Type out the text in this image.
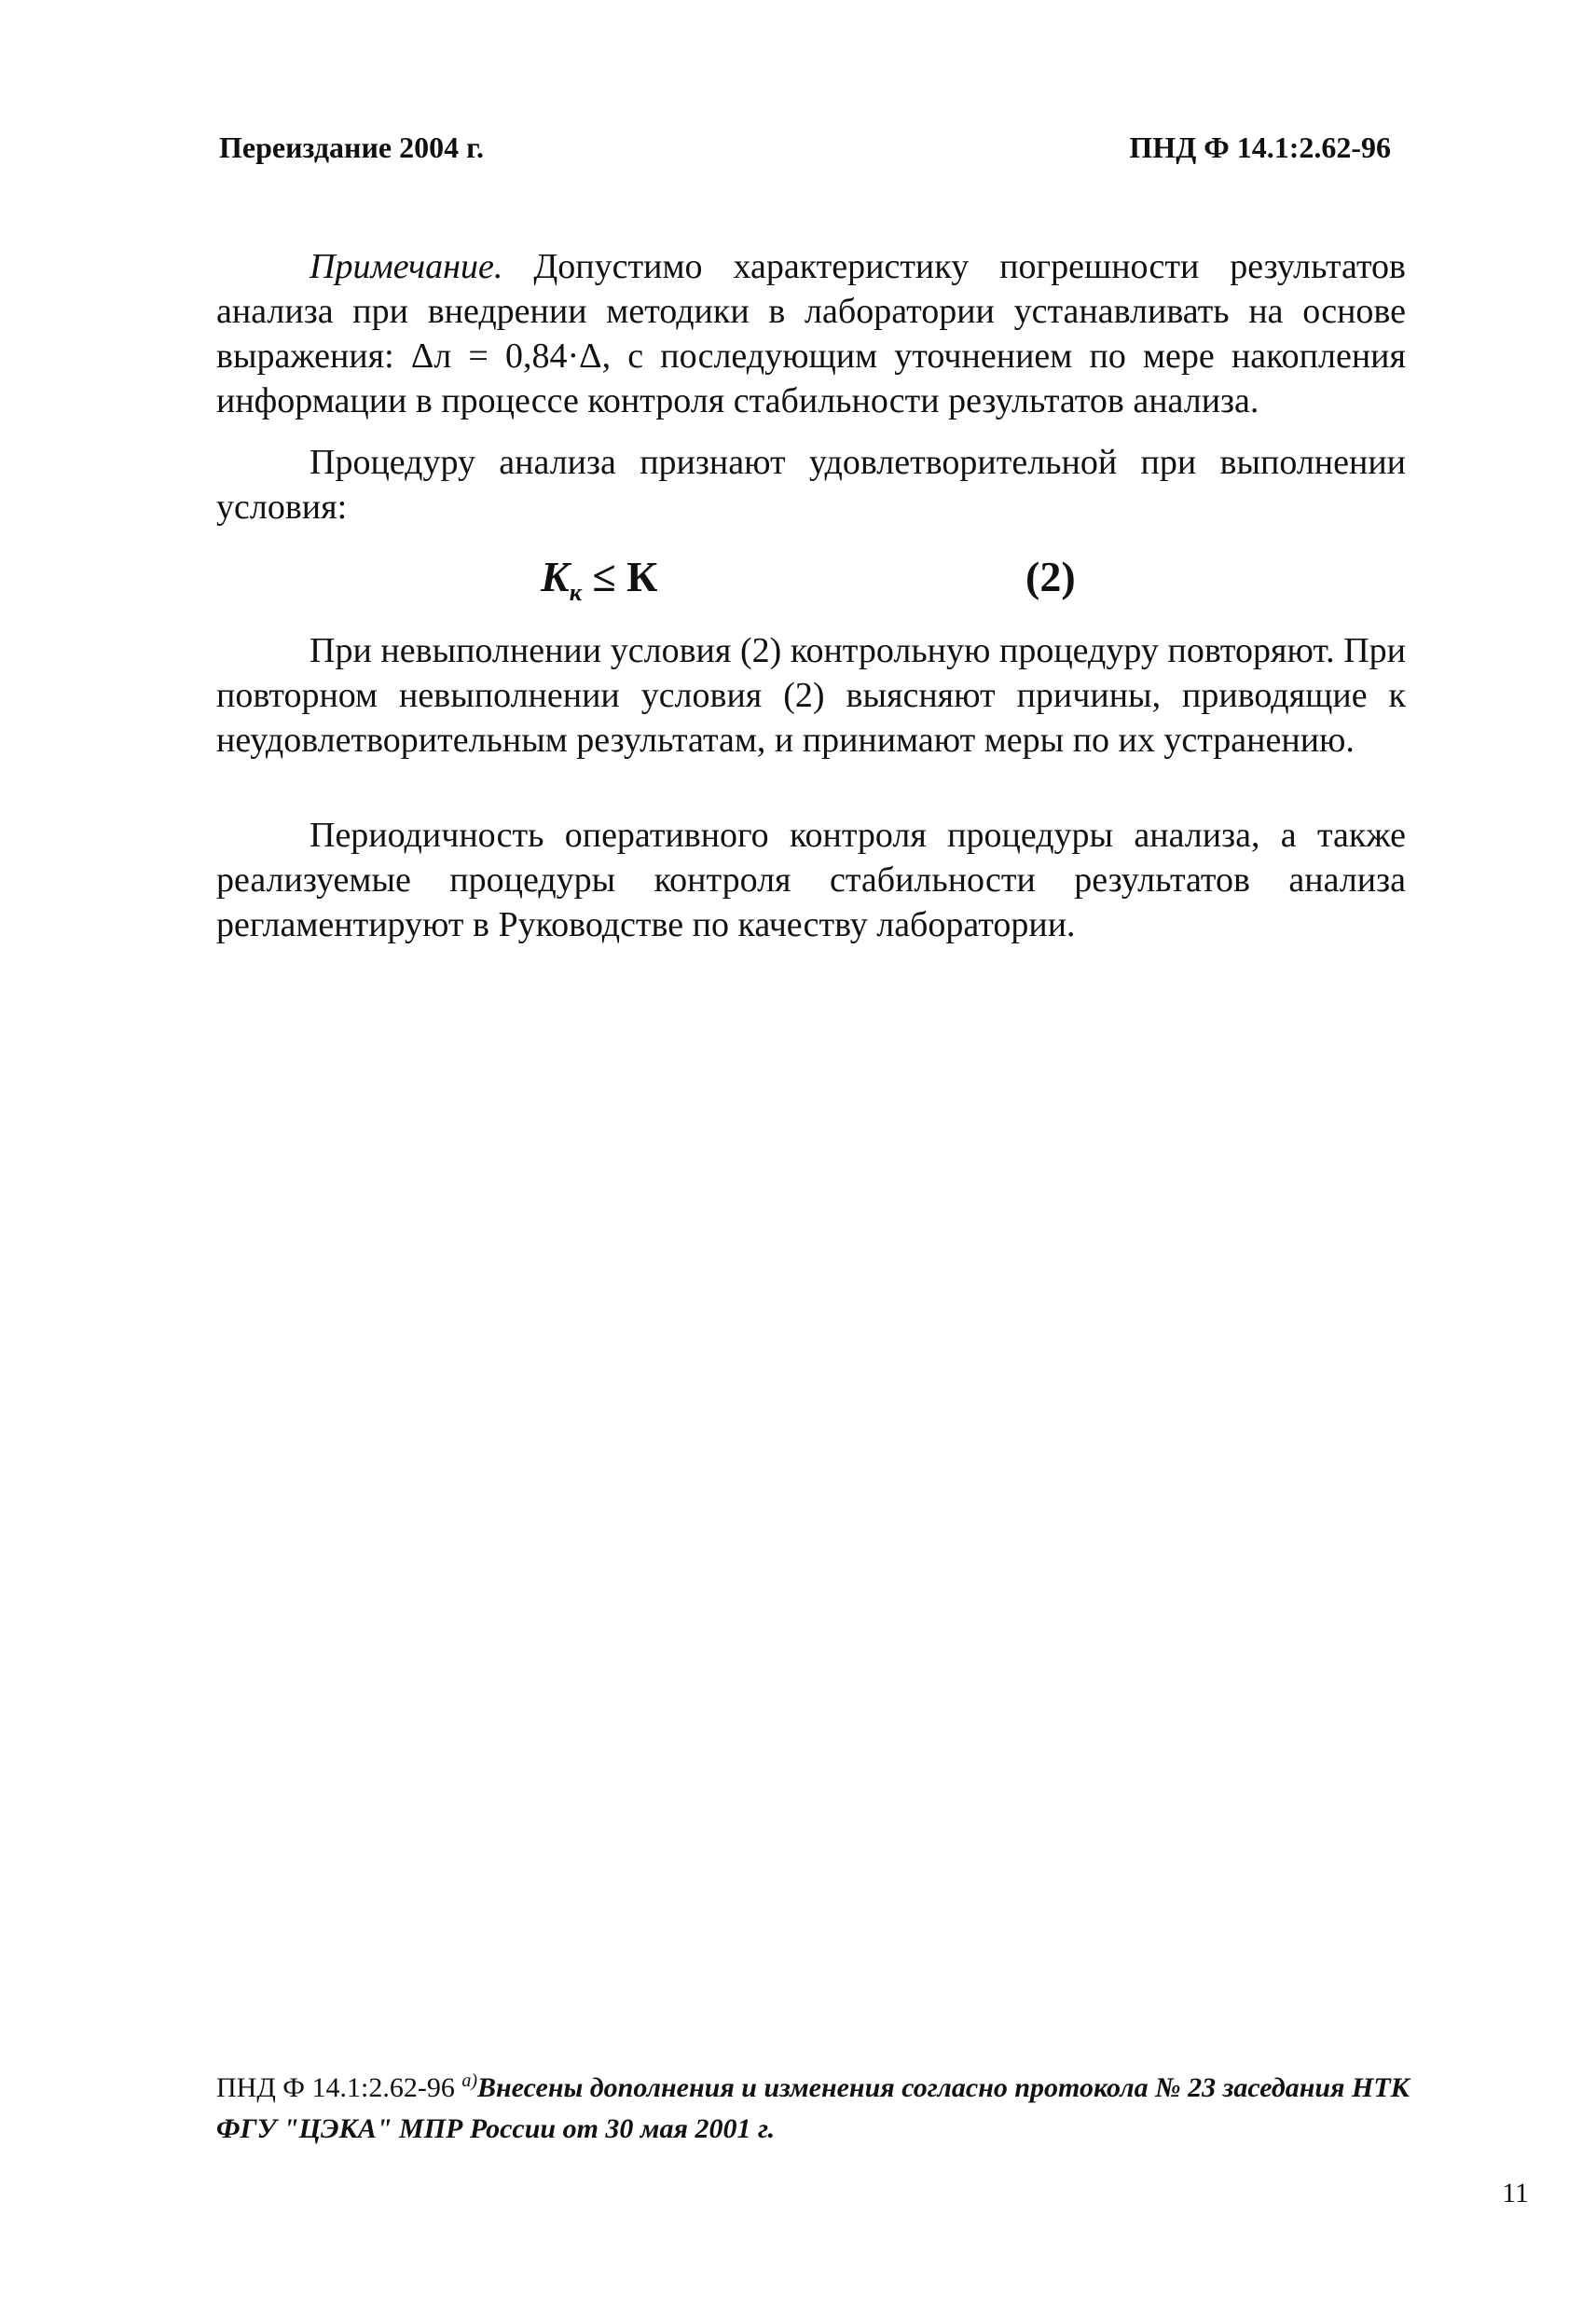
Переиздание 2004 г.	ПНД Ф 14.1:2.62-96

Примечание. Допустимо характеристику погрешности результатов анализа при внедрении методики в лаборатории устанавливать на основе выражения: Δл = 0,84·Δ, с последующим уточнением по мере накопления информации в процессе контроля стабильности результатов анализа.

Процедуру анализа признают удовлетворительной при выполнении условия:

$K_к \le К$	(2)

При невыполнении условия (2) контрольную процедуру повторяют. При повторном невыполнении условия (2) выясняют причины, приводящие к неудовлетворительным результатам, и принимают меры по их устранению.

Периодичность оперативного контроля процедуры анализа, а также реализуемые процедуры контроля стабильности результатов анализа регламентируют в Руководстве по качеству лаборатории.

ПНД Ф 14.1:2.62-96 $^{а)}$Внесены дополнения и изменения согласно протокола № 23 заседания НТК ФГУ "ЦЭКА" МПР России от 30 мая 2001 г.
11
